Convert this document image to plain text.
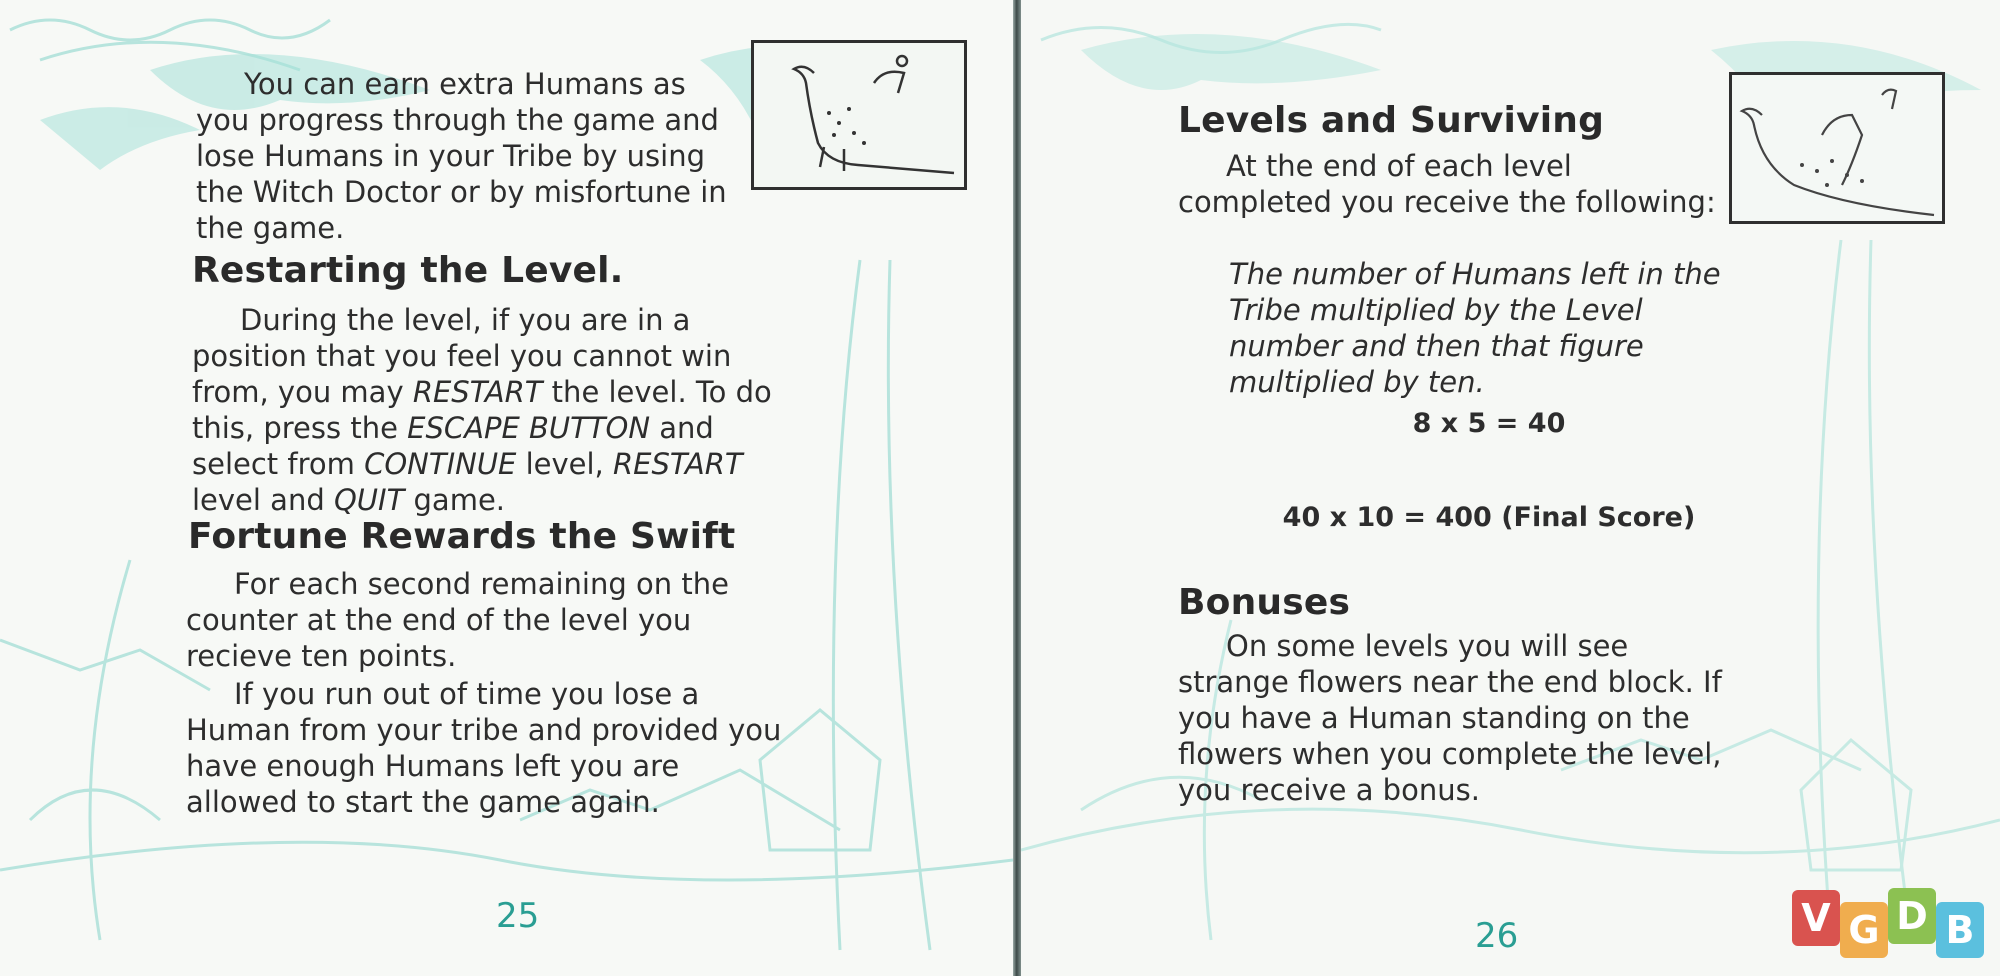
You can earn extra Humans as you progress through the game and lose Humans in your Tribe by using the Witch Doctor or by misfortune in the game.
Restarting the Level.
During the level, if you are in a position that you feel you cannot win from, you may RESTART the level. To do this, press the ESCAPE BUTTON and select from CONTINUE level, RESTART level and QUIT game.
Fortune Rewards the Swift
For each second remaining on the counter at the end of the level you recieve ten points.
If you run out of time you lose a Human from your tribe and provided you have enough Humans left you are allowed to start the game again.
25
Levels and Surviving
At the end of each level completed you receive the following:
The number of Humans left in the Tribe multiplied by the Level number and then that figure multiplied by ten.
8 x 5 = 40
40 x 10 = 400 (Final Score)
Bonuses
On some levels you will see strange flowers near the end block. If you have a Human standing on the flowers when you complete the level, you receive a bonus.
26	V G D B
